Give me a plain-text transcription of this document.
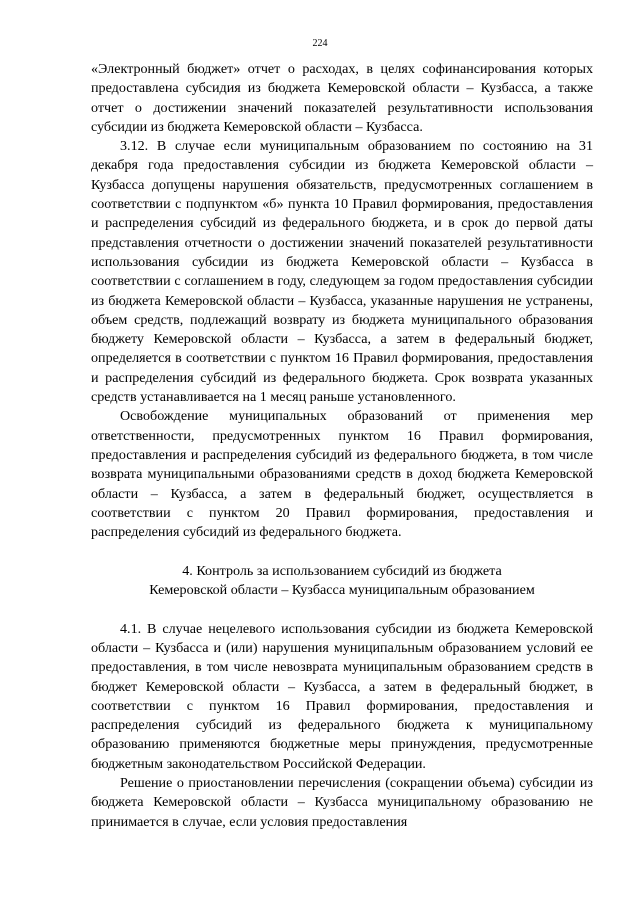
224

«Электронный бюджет» отчет о расходах, в целях софинансирования которых предоставлена субсидия из бюджета Кемеровской области – Кузбасса, а также отчет о достижении значений показателей результативности использования субсидии из бюджета Кемеровской области – Кузбасса.

3.12. В случае если муниципальным образованием по состоянию на 31 декабря года предоставления субсидии из бюджета Кемеровской области – Кузбасса допущены нарушения обязательств, предусмотренных соглашением в соответствии с подпунктом «б» пункта 10 Правил формирования, предоставления и распределения субсидий из федерального бюджета, и в срок до первой даты представления отчетности о достижении значений показателей результативности использования субсидии из бюджета Кемеровской области – Кузбасса в соответствии с соглашением в году, следующем за годом предоставления субсидии из бюджета Кемеровской области – Кузбасса, указанные нарушения не устранены, объем средств, подлежащий возврату из бюджета муниципального образования бюджету Кемеровской области – Кузбасса, а затем в федеральный бюджет, определяется в соответствии с пунктом 16 Правил формирования, предоставления и распределения субсидий из федерального бюджета. Срок возврата указанных средств устанавливается на 1 месяц раньше установленного.

Освобождение муниципальных образований от применения мер ответственности, предусмотренных пунктом 16 Правил формирования, предоставления и распределения субсидий из федерального бюджета, в том числе возврата муниципальными образованиями средств в доход бюджета Кемеровской области – Кузбасса, а затем в федеральный бюджет, осуществляется в соответствии с пунктом 20 Правил формирования, предоставления и распределения субсидий из федерального бюджета.

4. Контроль за использованием субсидий из бюджета
Кемеровской области – Кузбасса муниципальным образованием

4.1. В случае нецелевого использования субсидии из бюджета Кемеровской области – Кузбасса и (или) нарушения муниципальным образованием условий ее предоставления, в том числе невозврата муниципальным образованием средств в бюджет Кемеровской области – Кузбасса, а затем в федеральный бюджет, в соответствии с пунктом 16 Правил формирования, предоставления и распределения субсидий из федерального бюджета к муниципальному образованию применяются бюджетные меры принуждения, предусмотренные бюджетным законодательством Российской Федерации.

Решение о приостановлении перечисления (сокращении объема) субсидии из бюджета Кемеровской области – Кузбасса муниципальному образованию не принимается в случае, если условия предоставления
